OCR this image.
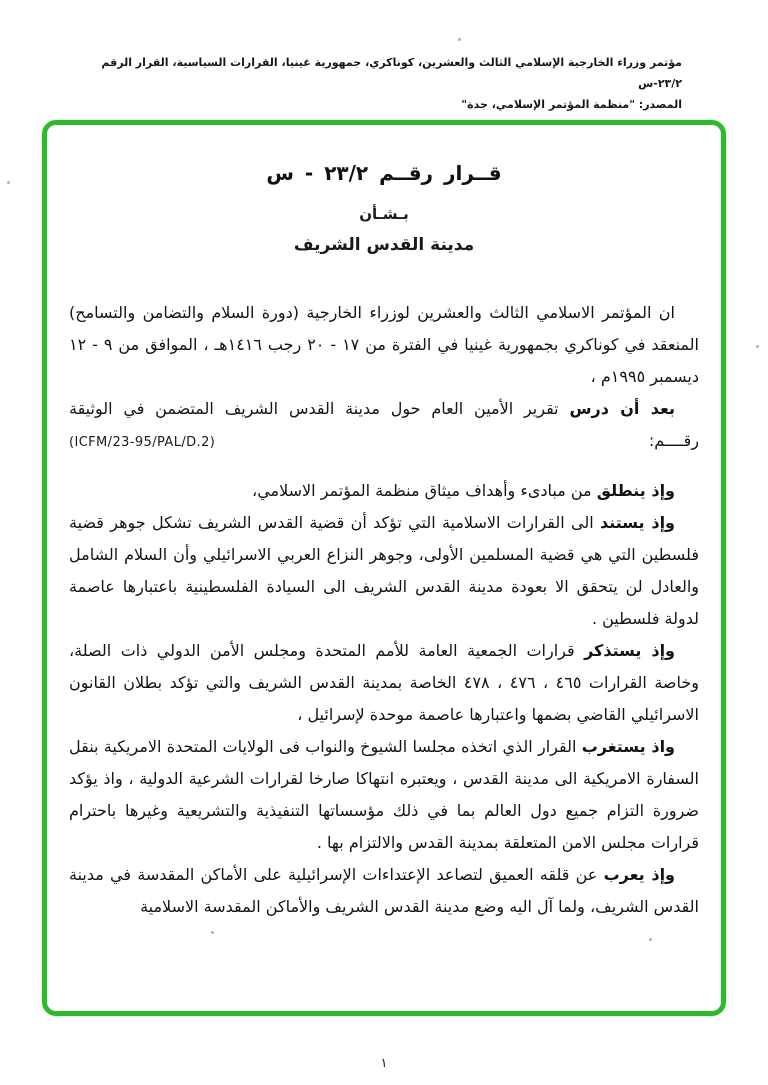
مؤتمر وزراء الخارجية الإسلامي الثالث والعشرين، كوناكري، جمهورية غينيا، القرارات السياسية، القرار الرقم ٢٣/٢-س
المصدر: "منظمة المؤتمر الإسلامي، جدة"
قــرار رقــم ٢٣/٢ - س
بـشـأن
مدينة القدس الشريف

ان المؤتمر الاسلامي الثالث والعشرين لوزراء الخارجية (دورة السلام والتضامن والتسامح) المنعقد في كوناكري بجمهورية غينيا في الفترة من ١٧ - ٢٠ رجب ١٤١٦هـ ، الموافق من ٩ - ١٢ ديسمبر ١٩٩٥م ،

بعد أن درس تقرير الأمين العام حول مدينة القدس الشريف المتضمن في الوثيقة

رقــــم:
(ICFM/23-95/PAL/D.2)

وإذ ينطلق من مبادىء وأهداف ميثاق منظمة المؤتمر الاسلامي،

وإذ يستند الى القرارات الاسلامية التي تؤكد أن قضية القدس الشريف تشكل جوهر قضية فلسطين التي هي قضية المسلمين الأولى، وجوهر النزاع العربي الاسرائيلي وأن السلام الشامل والعادل لن يتحقق الا بعودة مدينة القدس الشريف الى السيادة الفلسطينية باعتبارها عاصمة لدولة فلسطين .

وإذ يستذكر قرارات الجمعية العامة للأمم المتحدة ومجلس الأمن الدولي ذات الصلة، وخاصة القرارات ٤٦٥ ، ٤٧٦ ، ٤٧٨ الخاصة بمدينة القدس الشريف والتي تؤكد بطلان القانون الاسرائيلي القاضي بضمها واعتبارها عاصمة موحدة لإسرائيل ،

واذ يستغرب القرار الذي اتخذه مجلسا الشيوخ والنواب فى الولايات المتحدة الامريكية بنقل السفارة الامريكية الى مدينة القدس ، ويعتبره انتهاكا صارخا لقرارات الشرعية الدولية ، واذ يؤكد ضرورة التزام جميع دول العالم بما في ذلك مؤسساتها التنفيذية والتشريعية وغيرها باحترام قرارات مجلس الامن المتعلقة بمدينة القدس والالتزام بها .

وإذ يعرب عن قلقه العميق لتصاعد الإعتداءات الإسرائيلية على الأماكن المقدسة في مدينة القدس الشريف، ولما آل اليه وضع مدينة القدس الشريف والأماكن المقدسة الاسلامية

١
